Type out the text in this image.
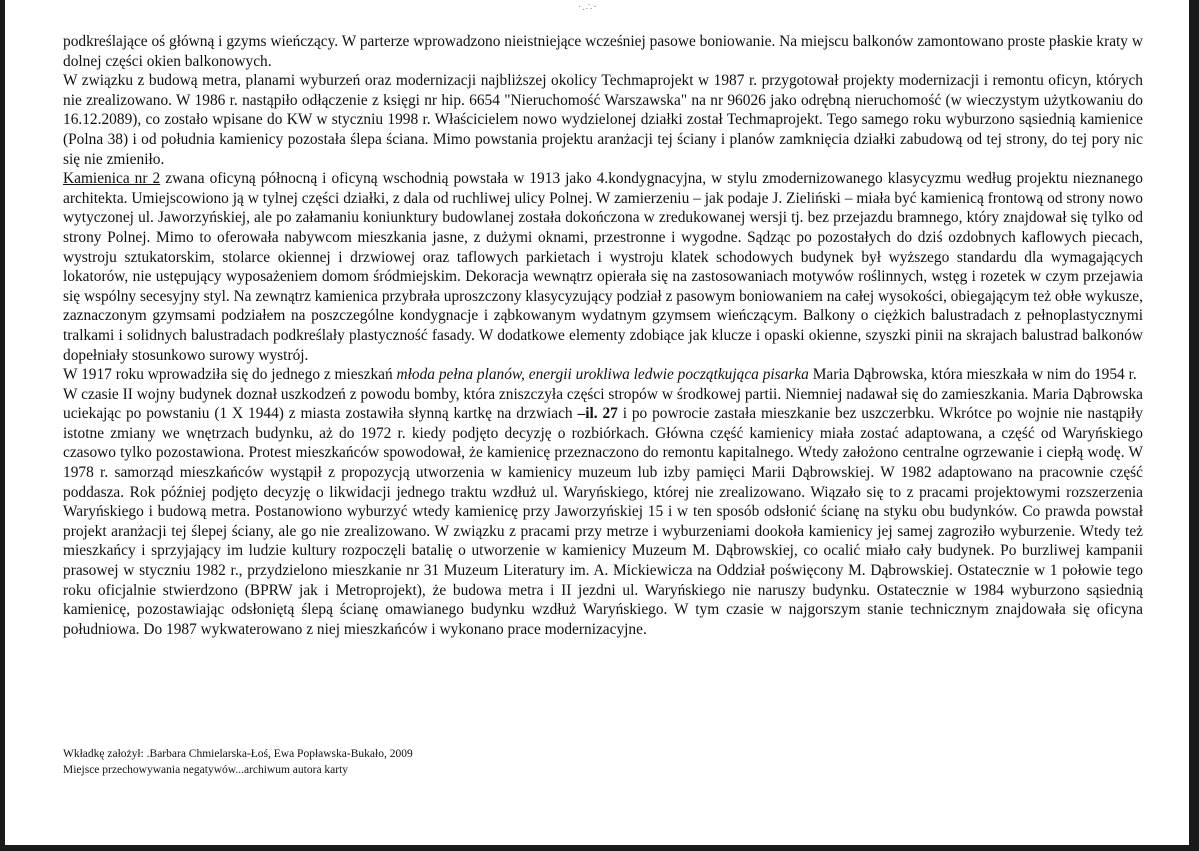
·.∴·

podkreślające oś główną i gzyms wieńczący. W parterze wprowadzono nieistniejące wcześniej pasowe boniowanie. Na miejscu balkonów zamontowano proste płaskie kraty w dolnej części okien balkonowych.

W związku z budową metra, planami wyburzeń oraz modernizacji najbliższej okolicy Techmaprojekt w 1987 r. przygotował projekty modernizacji i remontu oficyn, których nie zrealizowano. W 1986 r. nastąpiło odłączenie z księgi nr hip. 6654 "Nieruchomość Warszawska" na nr 96026 jako odrębną nieruchomość (w wieczystym użytkowaniu do 16.12.2089), co zostało wpisane do KW w styczniu 1998 r. Właścicielem nowo wydzielonej działki został Techmaprojekt. Tego samego roku wyburzono sąsiednią kamienice (Polna 38) i od południa kamienicy pozostała ślepa ściana. Mimo powstania projektu aranżacji tej ściany i planów zamknięcia działki zabudową od tej strony, do tej pory nic się nie zmieniło.

Kamienica nr 2 zwana oficyną północną i oficyną wschodnią powstała w 1913 jako 4.kondygnacyjna, w stylu zmodernizowanego klasycyzmu według projektu nieznanego architekta. Umiejscowiono ją w tylnej części działki, z dala od ruchliwej ulicy Polnej. W zamierzeniu – jak podaje J. Zieliński – miała być kamienicą frontową od strony nowo wytyczonej ul. Jaworzyńskiej, ale po załamaniu koniunktury budowlanej została dokończona w zredukowanej wersji tj. bez przejazdu bramnego, który znajdował się tylko od strony Polnej. Mimo to oferowała nabywcom mieszkania jasne, z dużymi oknami, przestronne i wygodne. Sądząc po pozostałych do dziś ozdobnych kaflowych piecach, wystroju sztukatorskim, stolarce okiennej i drzwiowej oraz taflowych parkietach i wystroju klatek schodowych budynek był wyższego standardu dla wymagających lokatorów, nie ustępujący wyposażeniem domom śródmiejskim. Dekoracja wewnątrz opierała się na zastosowaniach motywów roślinnych, wstęg i rozetek w czym przejawia się wspólny secesyjny styl. Na zewnątrz kamienica przybrała uproszczony klasycyzujący podział z pasowym boniowaniem na całej wysokości, obiegającym też obłe wykusze, zaznaczonym gzymsami podziałem na poszczególne kondygnacje i ząbkowanym wydatnym gzymsem wieńczącym. Balkony o ciężkich balustradach z pełnoplastycznymi tralkami i solidnych balustradach podkreślały plastyczność fasady. W dodatkowe elementy zdobiące jak klucze i opaski okienne, szyszki pinii na skrajach balustrad balkonów dopełniały stosunkowo surowy wystrój.

W 1917 roku wprowadziła się do jednego z mieszkań młoda pełna planów, energii urokliwa ledwie początkująca pisarka Maria Dąbrowska, która mieszkała w nim do 1954 r.

W czasie II wojny budynek doznał uszkodzeń z powodu bomby, która zniszczyła części stropów w środkowej partii. Niemniej nadawał się do zamieszkania. Maria Dąbrowska uciekając po powstaniu (1 X 1944) z miasta zostawiła słynną kartkę na drzwiach –il. 27 i po powrocie zastała mieszkanie bez uszczerbku. Wkrótce po wojnie nie nastąpiły istotne zmiany we wnętrzach budynku, aż do 1972 r. kiedy podjęto decyzję o rozbiórkach. Główna część kamienicy miała zostać adaptowana, a część od Waryńskiego czasowo tylko pozostawiona. Protest mieszkańców spowodował, że kamienicę przeznaczono do remontu kapitalnego. Wtedy założono centralne ogrzewanie i ciepłą wodę. W 1978 r. samorząd mieszkańców wystąpił z propozycją utworzenia w kamienicy muzeum lub izby pamięci Marii Dąbrowskiej. W 1982 adaptowano na pracownie część poddasza. Rok później podjęto decyzję o likwidacji jednego traktu wzdłuż ul. Waryńskiego, której nie zrealizowano. Wiązało się to z pracami projektowymi rozszerzenia Waryńskiego i budową metra. Postanowiono wyburzyć wtedy kamienicę przy Jaworzyńskiej 15 i w ten sposób odsłonić ścianę na styku obu budynków. Co prawda powstał projekt aranżacji tej ślepej ściany, ale go nie zrealizowano. W związku z pracami przy metrze i wyburzeniami dookoła kamienicy jej samej zagroziło wyburzenie. Wtedy też mieszkańcy i sprzyjający im ludzie kultury rozpoczęli batalię o utworzenie w kamienicy Muzeum M. Dąbrowskiej, co ocalić miało cały budynek. Po burzliwej kampanii prasowej w styczniu 1982 r., przydzielono mieszkanie nr 31 Muzeum Literatury im. A. Mickiewicza na Oddział poświęcony M. Dąbrowskiej. Ostatecznie w 1 połowie tego roku oficjalnie stwierdzono (BPRW jak i Metroprojekt), że budowa metra i II jezdni ul. Waryńskiego nie naruszy budynku. Ostatecznie w 1984 wyburzono sąsiednią kamienicę, pozostawiając odsłoniętą ślepą ścianę omawianego budynku wzdłuż Waryńskiego. W tym czasie w najgorszym stanie technicznym znajdowała się oficyna południowa. Do 1987 wykwaterowano z niej mieszkańców i wykonano prace modernizacyjne.

Wkładkę założył: .Barbara Chmielarska-Łoś, Ewa Popławska-Bukało, 2009
Miejsce przechowywania negatywów...archiwum autora karty
